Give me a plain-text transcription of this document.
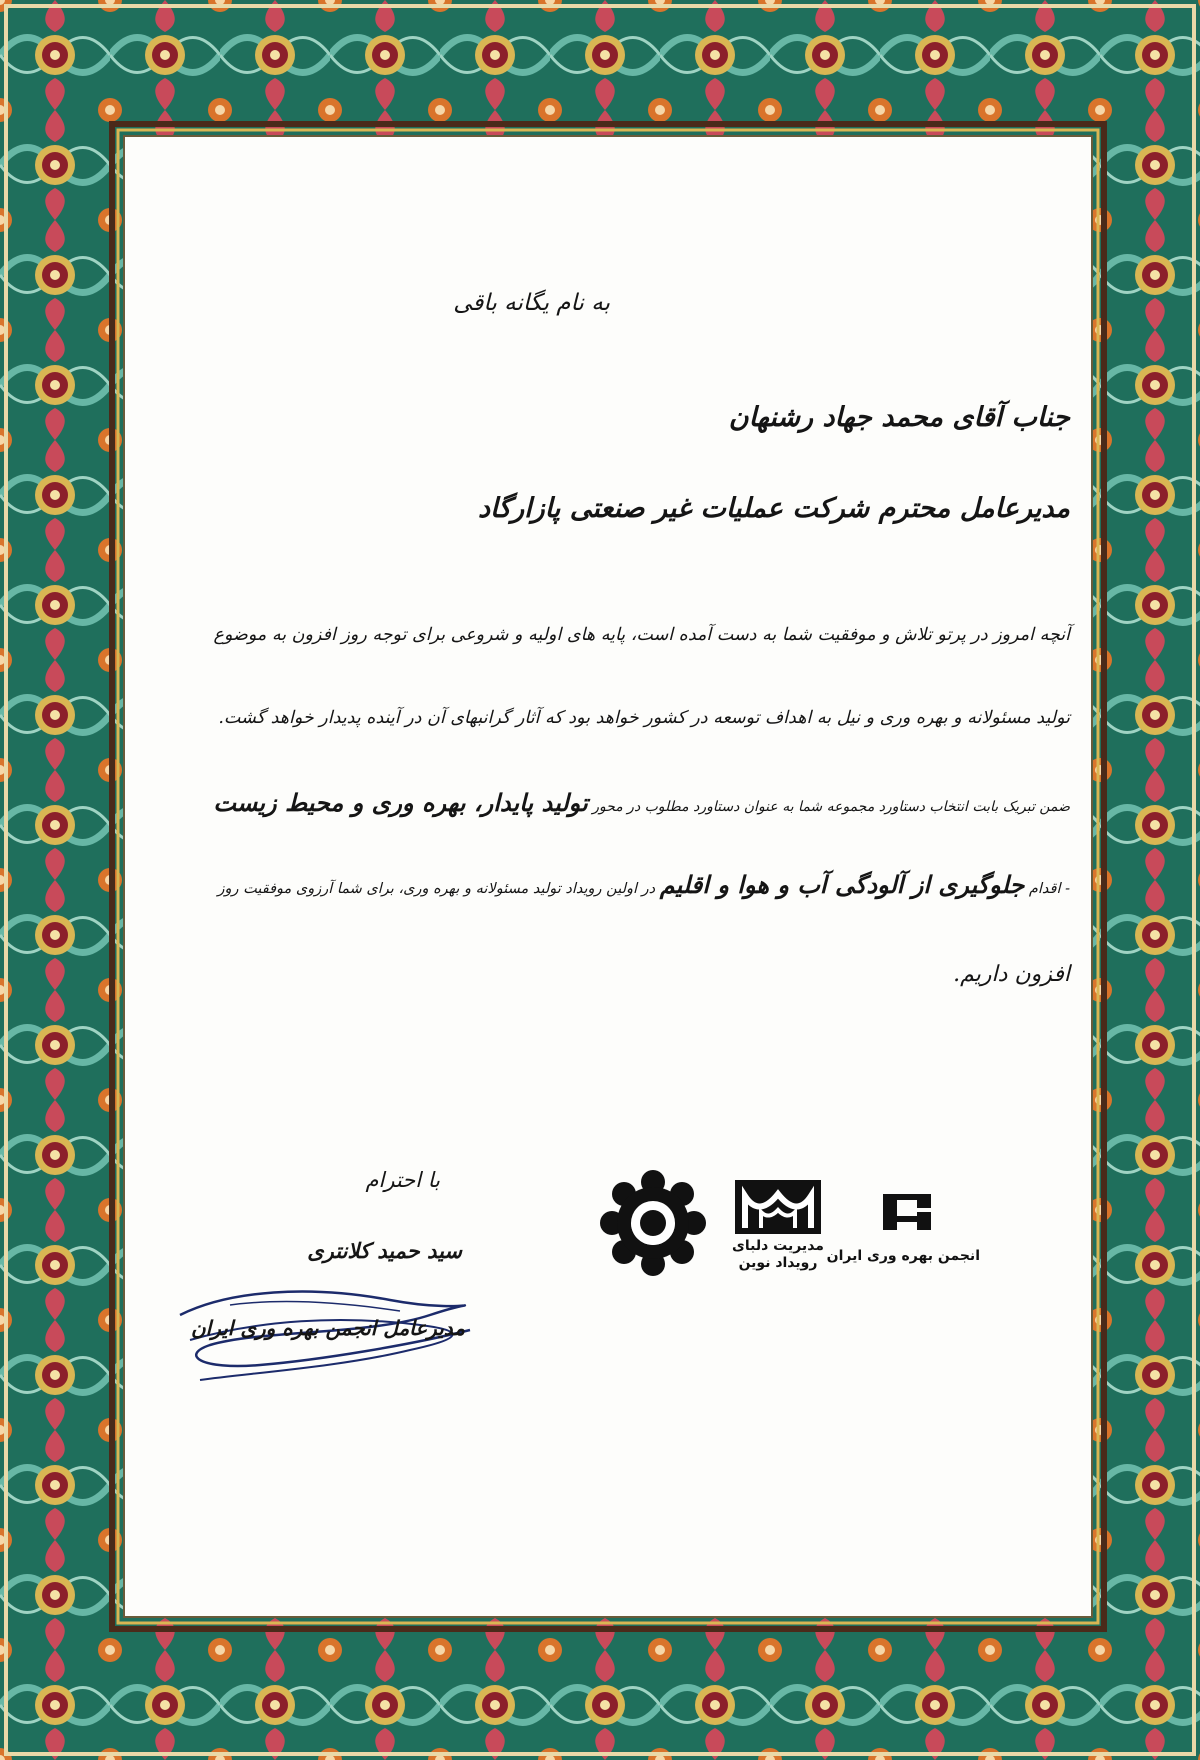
به نام یگانه باقی

جناب آقای محمد جهاد رشنهان

مدیرعامل محترم شرکت عملیات غیر صنعتی پازارگاد

آنچه امروز در پرتو تلاش و موفقیت شما به دست آمده است، پایه های اولیه و شروعی برای توجه روز افزون به موضوع

تولید مسئولانه و بهره وری و نیل به اهداف توسعه در کشور خواهد بود که آثار گرانبهای آن در آینده پدیدار خواهد گشت.

ضمن تبریک بابت انتخاب دستاورد مجموعه شما به عنوان دستاورد مطلوب در محور تولید پایدار، بهره وری و محیط زیست

- اقدام جلوگیری از آلودگی آب و هوا و اقلیم در اولین رویداد تولید مسئولانه و بهره وری، برای شما آرزوی موفقیت روز

افزون داریم.

با احترام

سید حمید کلانتری

مدیرعامل انجمن بهره وری ایران

مدیریت دلبای
رویداد نوین انجمن بهره وری ایران
